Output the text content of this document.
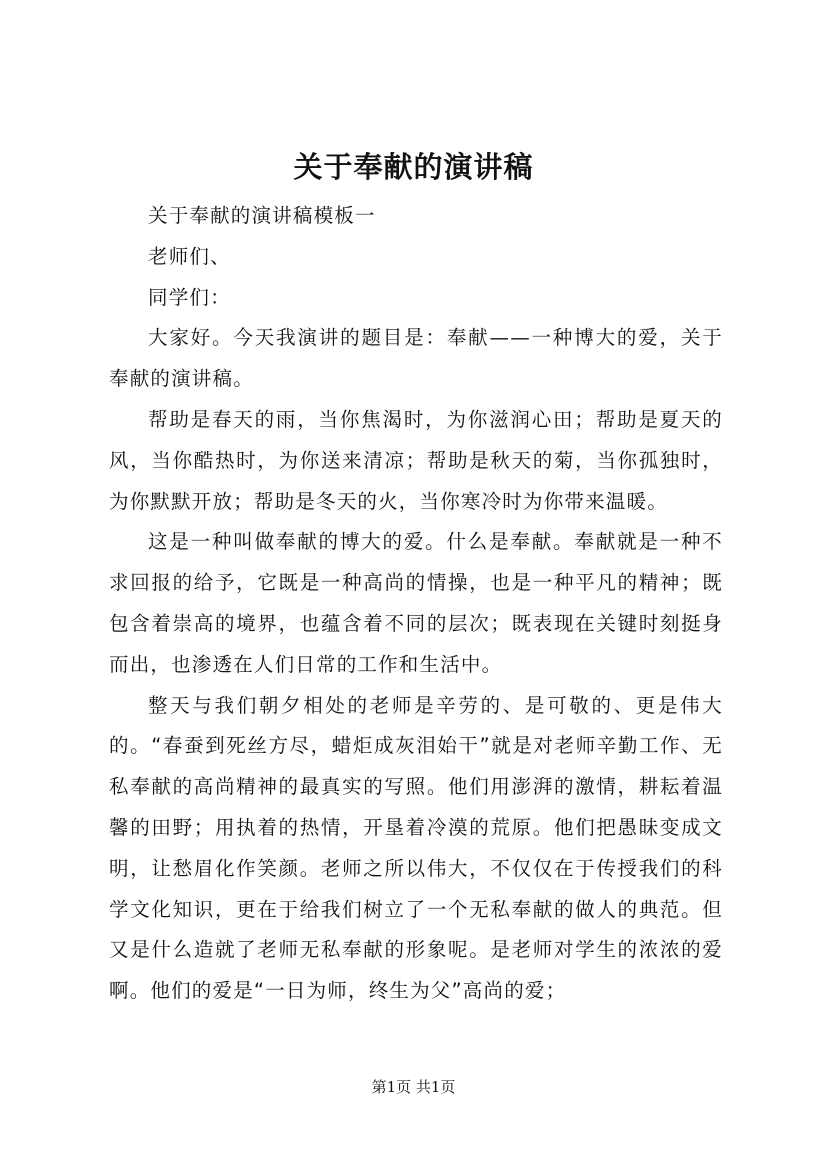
关于奉献的演讲稿

关于奉献的演讲稿模板一

老师们、

同学们：

大家好。今天我演讲的题目是：奉献——一种博大的爱，关于奉献的演讲稿。

帮助是春天的雨，当你焦渴时，为你滋润心田；帮助是夏天的风，当你酷热时，为你送来清凉；帮助是秋天的菊，当你孤独时，为你默默开放；帮助是冬天的火，当你寒冷时为你带来温暖。

这是一种叫做奉献的博大的爱。什么是奉献。奉献就是一种不求回报的给予，它既是一种高尚的情操，也是一种平凡的精神；既包含着崇高的境界，也蕴含着不同的层次；既表现在关键时刻挺身而出，也渗透在人们日常的工作和生活中。

整天与我们朝夕相处的老师是辛劳的、是可敬的、更是伟大的。“春蚕到死丝方尽，蜡炬成灰泪始干”就是对老师辛勤工作、无私奉献的高尚精神的最真实的写照。他们用澎湃的激情，耕耘着温馨的田野；用执着的热情，开垦着冷漠的荒原。他们把愚昧变成文明，让愁眉化作笑颜。老师之所以伟大，不仅仅在于传授我们的科学文化知识，更在于给我们树立了一个无私奉献的做人的典范。但又是什么造就了老师无私奉献的形象呢。是老师对学生的浓浓的爱啊。他们的爱是“一日为师，终生为父”高尚的爱；

第1页 共1页
